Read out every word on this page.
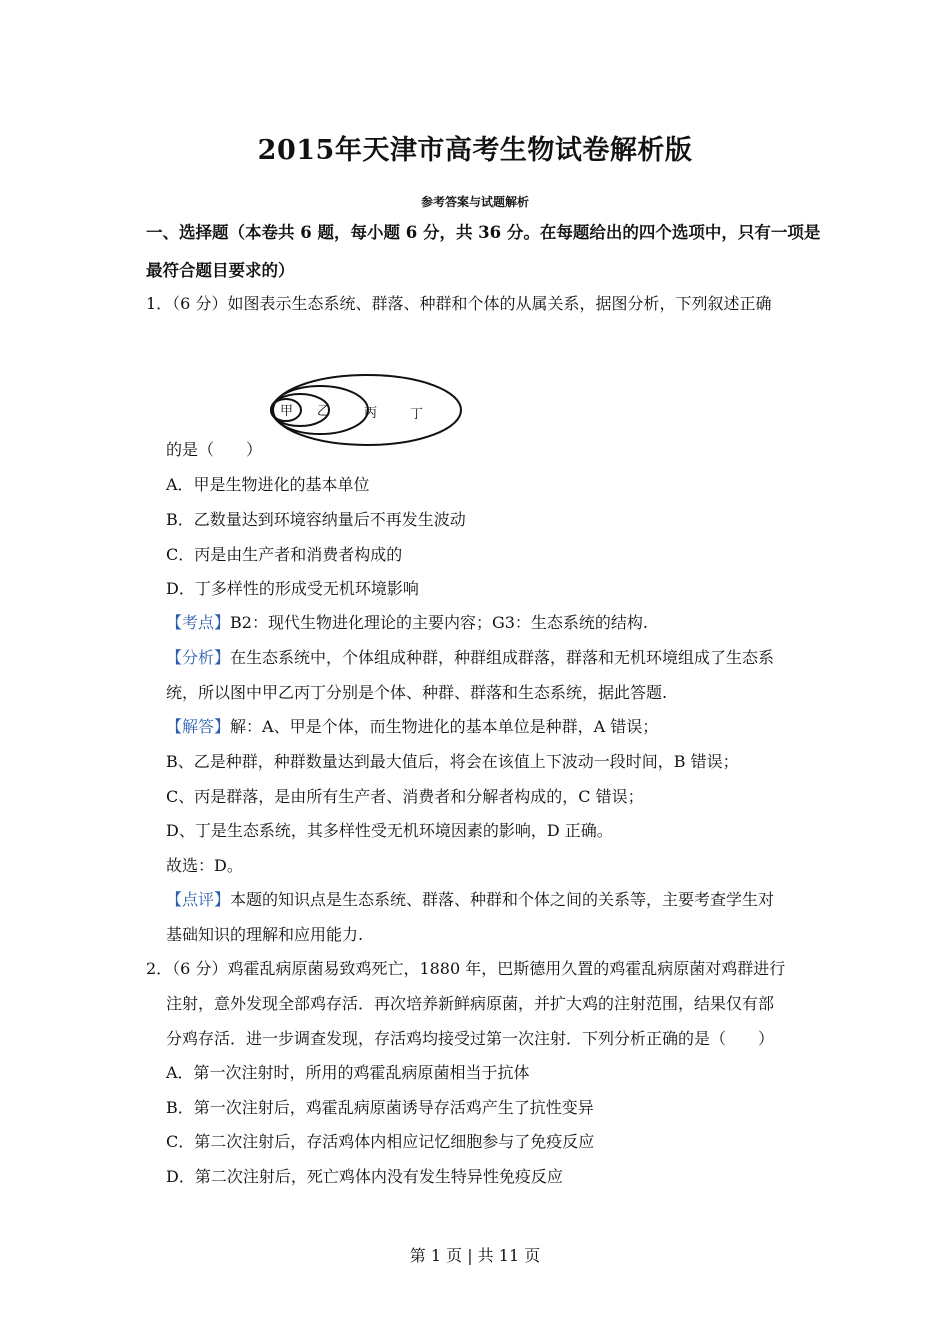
2015年天津市高考生物试卷解析版
参考答案与试题解析
一、选择题（本卷共 6 题，每小题 6 分，共 36 分。在每题给出的四个选项中，只有一项是
最符合题目要求的）
1．（6 分）如图表示生态系统、群落、种群和个体的从属关系，据图分析，下列叙述正确
甲 乙	丙	丁
的是（　　）
A．甲是生物进化的基本单位
B．乙数量达到环境容纳量后不再发生波动
C．丙是由生产者和消费者构成的
D．丁多样性的形成受无机环境影响
【考点】B2：现代生物进化理论的主要内容；G3：生态系统的结构.
【分析】在生态系统中，个体组成种群，种群组成群落，群落和无机环境组成了生态系
统，所以图中甲乙丙丁分别是个体、种群、群落和生态系统，据此答题.
【解答】解：A、甲是个体，而生物进化的基本单位是种群，A 错误；
B、乙是种群，种群数量达到最大值后，将会在该值上下波动一段时间，B 错误；
C、丙是群落，是由所有生产者、消费者和分解者构成的，C 错误；
D、丁是生态系统，其多样性受无机环境因素的影响，D 正确。
故选：D。
【点评】本题的知识点是生态系统、群落、种群和个体之间的关系等，主要考查学生对
基础知识的理解和应用能力.
2．（6 分）鸡霍乱病原菌易致鸡死亡，1880 年，巴斯德用久置的鸡霍乱病原菌对鸡群进行
注射，意外发现全部鸡存活．再次培养新鲜病原菌，并扩大鸡的注射范围，结果仅有部
分鸡存活．进一步调查发现，存活鸡均接受过第一次注射．下列分析正确的是（　　）
A．第一次注射时，所用的鸡霍乱病原菌相当于抗体
B．第一次注射后，鸡霍乱病原菌诱导存活鸡产生了抗性变异
C．第二次注射后，存活鸡体内相应记忆细胞参与了免疫反应
D．第二次注射后，死亡鸡体内没有发生特异性免疫反应
第 1 页 | 共 11 页
